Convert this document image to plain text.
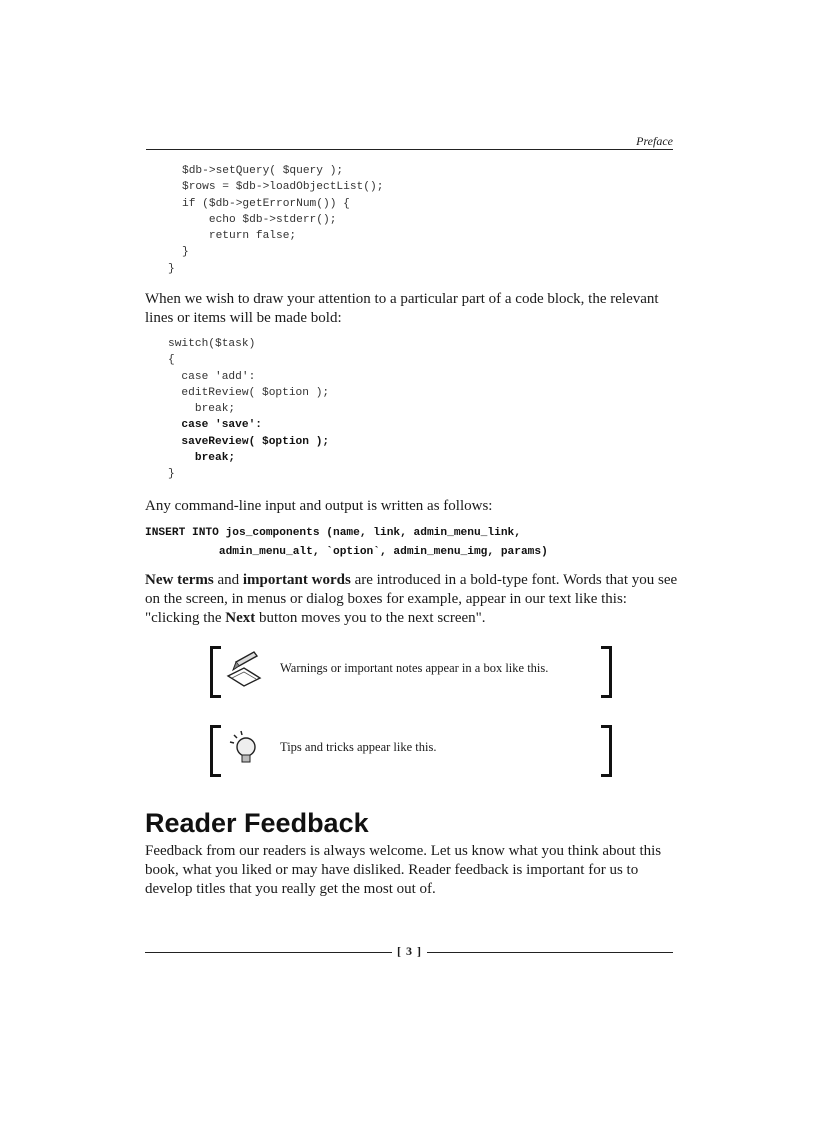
Preface
$db->setQuery( $query );
$rows = $db->loadObjectList();
if ($db->getErrorNum()) {
echo $db->stderr();
return false;
}
}

When we wish to draw your attention to a particular part of a code block, the relevant lines or items will be made bold:

switch($task)
{
case 'add':
editReview( $option );
break;
case 'save':
saveReview( $option );
break;
}

Any command-line input and output is written as follows:

INSERT INTO jos_components (name, link, admin_menu_link,
admin_menu_alt, `option`, admin_menu_img, params)

New terms and important words are introduced in a bold-type font. Words that you see on the screen, in menus or dialog boxes for example, appear in our text like this: "clicking the Next button moves you to the next screen".

Warnings or important notes appear in a box like this.
Tips and tricks appear like this.
Reader Feedback

Feedback from our readers is always welcome. Let us know what you think about this book, what you liked or may have disliked. Reader feedback is important for us to develop titles that you really get the most out of.

[ 3 ]
